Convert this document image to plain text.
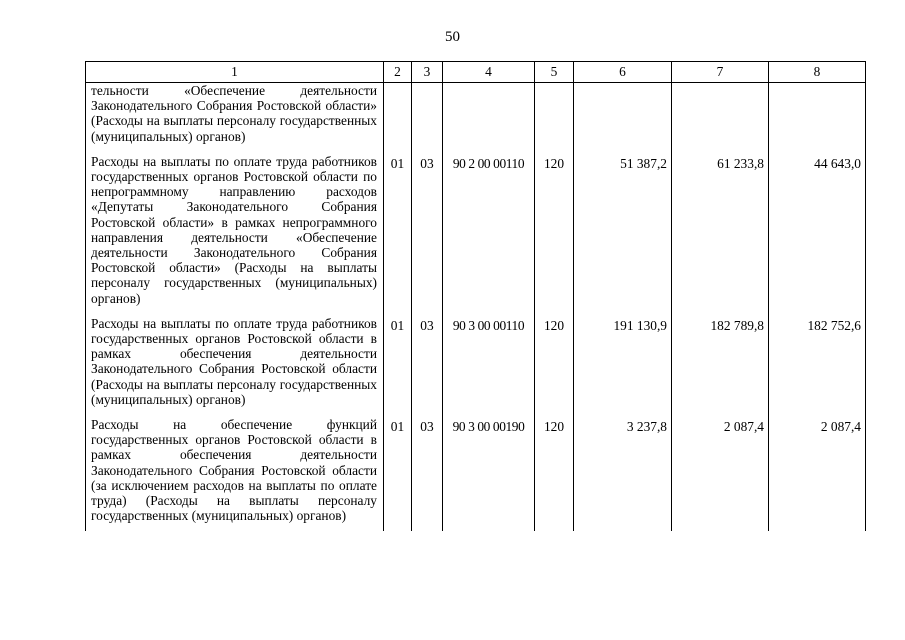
50
1	2	3	4	5	6	7	8
тельности «Обеспечение деятельности Законодательного Собрания Ростовской области» (Расходы на выплаты персоналу государственных (муниципальных) органов)							
Расходы на выплаты по оплате труда работников государственных органов Ростовской области по непрограммному направлению расходов «Депутаты Законодательного Собрания Ростовской области» в рамках непрограммного направления деятельности «Обеспечение деятельности Законодательного Собрания Ростовской области» (Расходы на выплаты персоналу государственных (муниципальных) органов)	01	03	90 2 00 00110	120	51 387,2	61 233,8	44 643,0
Расходы на выплаты по оплате труда работников государственных органов Ростовской области в рамках обеспечения деятельности Законодательного Собрания Ростовской области (Расходы на выплаты персоналу государственных (муниципальных) органов)	01	03	90 3 00 00110	120	191 130,9	182 789,8	182 752,6
Расходы на обеспечение функций государственных органов Ростовской области в рамках обеспечения деятельности Законодательного Собрания Ростовской области (за исключением расходов на выплаты по оплате труда) (Расходы на выплаты персоналу государственных (муниципальных) органов)	01	03	90 3 00 00190	120	3 237,8	2 087,4	2 087,4
